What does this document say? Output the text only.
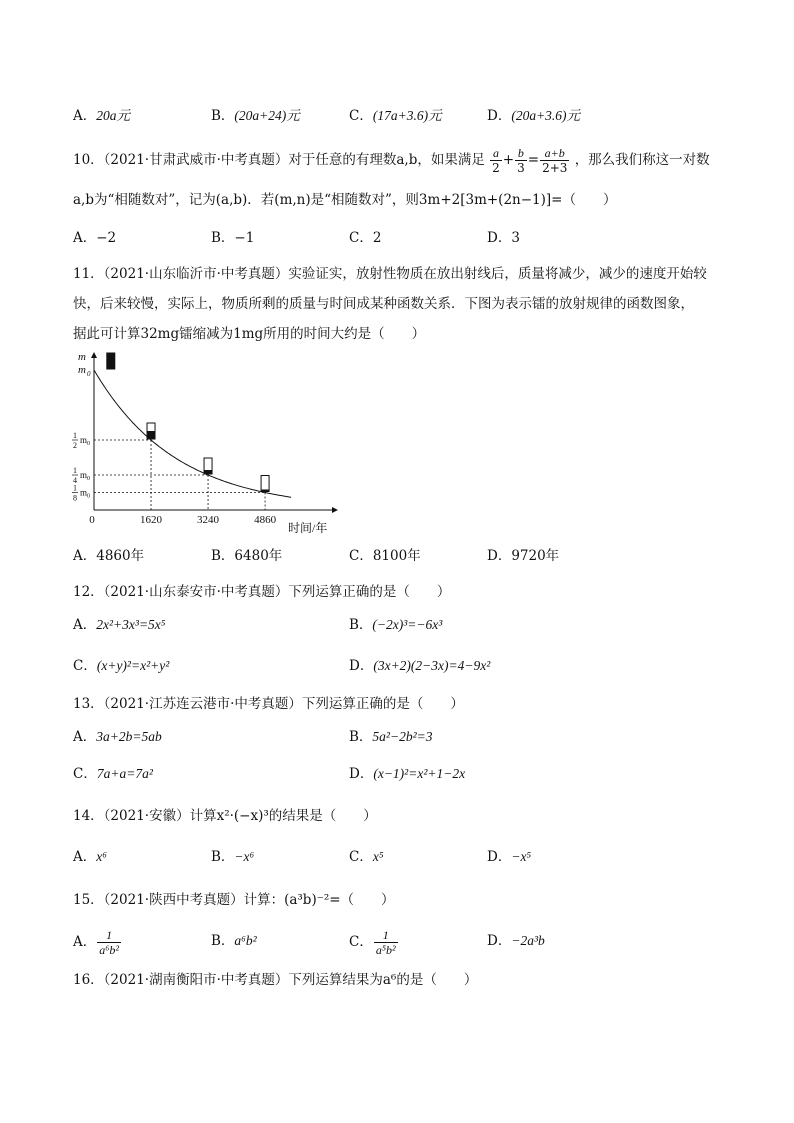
A．20a元	B．(20a+24)元	C．(17a+3.6)元	D．(20a+3.6)元
10．（2021·甘肃武威市·中考真题）对于任意的有理数a,b，如果满足 $\frac{a}{2} + \frac{b}{3} = \frac{a+b}{2+3}$ ，那么我们称这一对数
a,b为“相随数对”，记为(a,b)．若(m,n)是“相随数对”，则3m+2[3m+(2n−1)]=（　　）
A．−2	B．−1	C．2	D．3
11．（2021·山东临沂市·中考真题）实验证实，放射性物质在放出射线后，质量将减少，减少的速度开始较
快，后来较慢，实际上，物质所剩的质量与时间成某种函数关系．下图为表示镭的放射规律的函数图象，
据此可计算32mg镭缩减为1mg所用的时间大约是（　　）
0	1620	3240	4860
m
时间/年
m 0
1
2
m 0
1
4
m 0
1
8
m 0
A．4860年	B．6480年	C．8100年	D．9720年
12．（2021·山东泰安市·中考真题）下列运算正确的是（　　）
A．2x²+3x³=5x⁵	B．(−2x)³=−6x³
C．(x+y)²=x²+y²	D．(3x+2)(2−3x)=4−9x²
13．（2021·江苏连云港市·中考真题）下列运算正确的是（　　）
A．3a+2b=5ab	B．5a²−2b²=3
C．7a+a=7a²	D．(x−1)²=x²+1−2x
14．（2021·安徽）计算x²·(−x)³的结果是（　　）
A．x⁶	B．−x⁶	C．x⁵	D．−x⁵
15．（2021·陕西中考真题）计算：(a³b)⁻²=（　　）
A． $\frac{1}{\text{a⁶b²}}$	B．a⁶b²	C． $\frac{1}{\text{a⁵b²}}$	D．−2a³b
16．（2021·湖南衡阳市·中考真题）下列运算结果为a⁶的是（　　）
